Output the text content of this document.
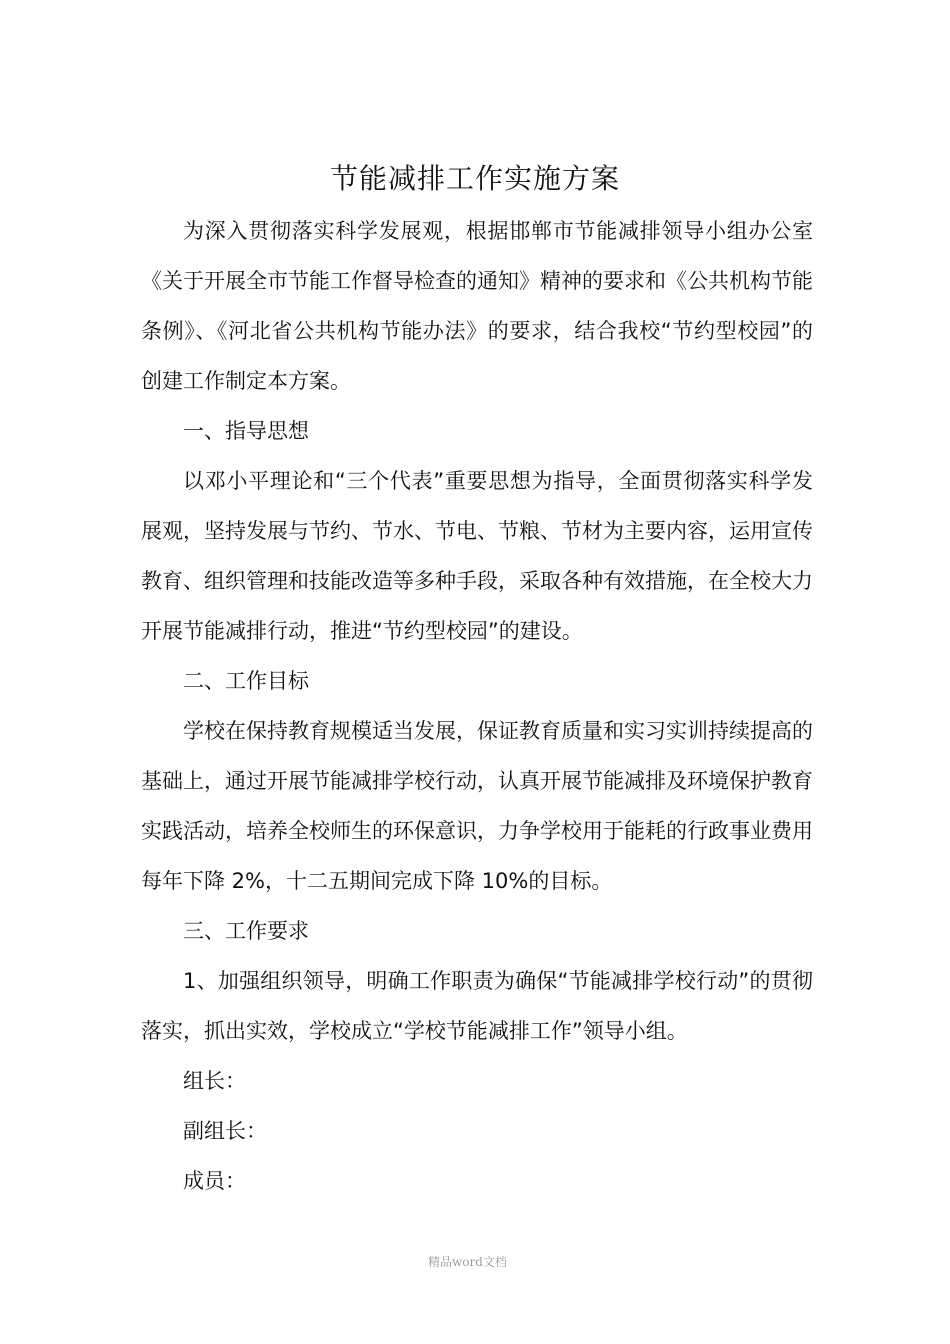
节能减排工作实施方案

为深入贯彻落实科学发展观，根据邯郸市节能减排领导小组办公室《关于开展全市节能工作督导检查的通知》精神的要求和《公共机构节能条例》、《河北省公共机构节能办法》的要求，结合我校“节约型校园”的创建工作制定本方案。

一、指导思想

以邓小平理论和“三个代表”重要思想为指导，全面贯彻落实科学发展观，坚持发展与节约、节水、节电、节粮、节材为主要内容，运用宣传教育、组织管理和技能改造等多种手段，采取各种有效措施，在全校大力开展节能减排行动，推进“节约型校园”的建设。

二、工作目标

学校在保持教育规模适当发展，保证教育质量和实习实训持续提高的基础上，通过开展节能减排学校行动，认真开展节能减排及环境保护教育实践活动，培养全校师生的环保意识，力争学校用于能耗的行政事业费用每年下降 2%，十二五期间完成下降 10%的目标。

三、工作要求

1、加强组织领导，明确工作职责为确保“节能减排学校行动”的贯彻落实，抓出实效，学校成立“学校节能减排工作”领导小组。

组长：

副组长：

成员：

精品word文档
